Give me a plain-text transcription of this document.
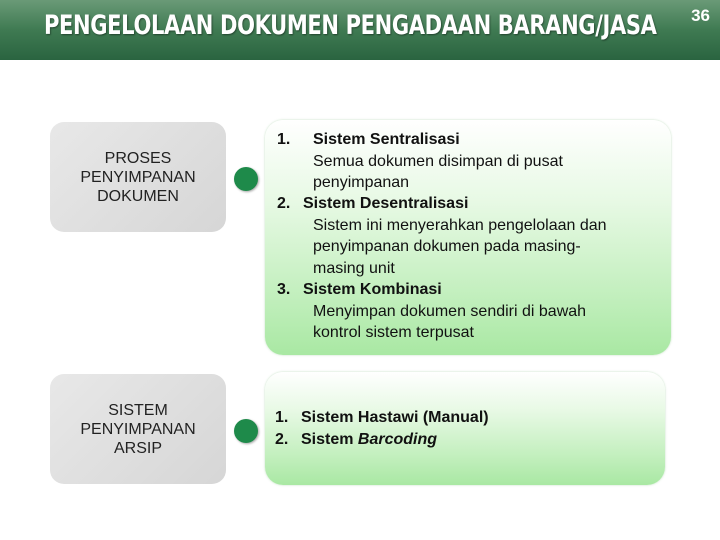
PENGELOLAAN DOKUMEN PENGADAAN BARANG/JASA 36
PROSES
PENYIMPANAN
DOKUMEN
1. Sistem Sentralisasi
Semua dokumen disimpan di pusat
penyimpanan
2. Sistem Desentralisasi
Sistem ini menyerahkan pengelolaan dan
penyimpanan dokumen pada masing-
masing unit
3. Sistem Kombinasi
Menyimpan dokumen sendiri di bawah
kontrol sistem terpusat
SISTEM
PENYIMPANAN
ARSIP
1. Sistem Hastawi (Manual)
2. Sistem Barcoding
